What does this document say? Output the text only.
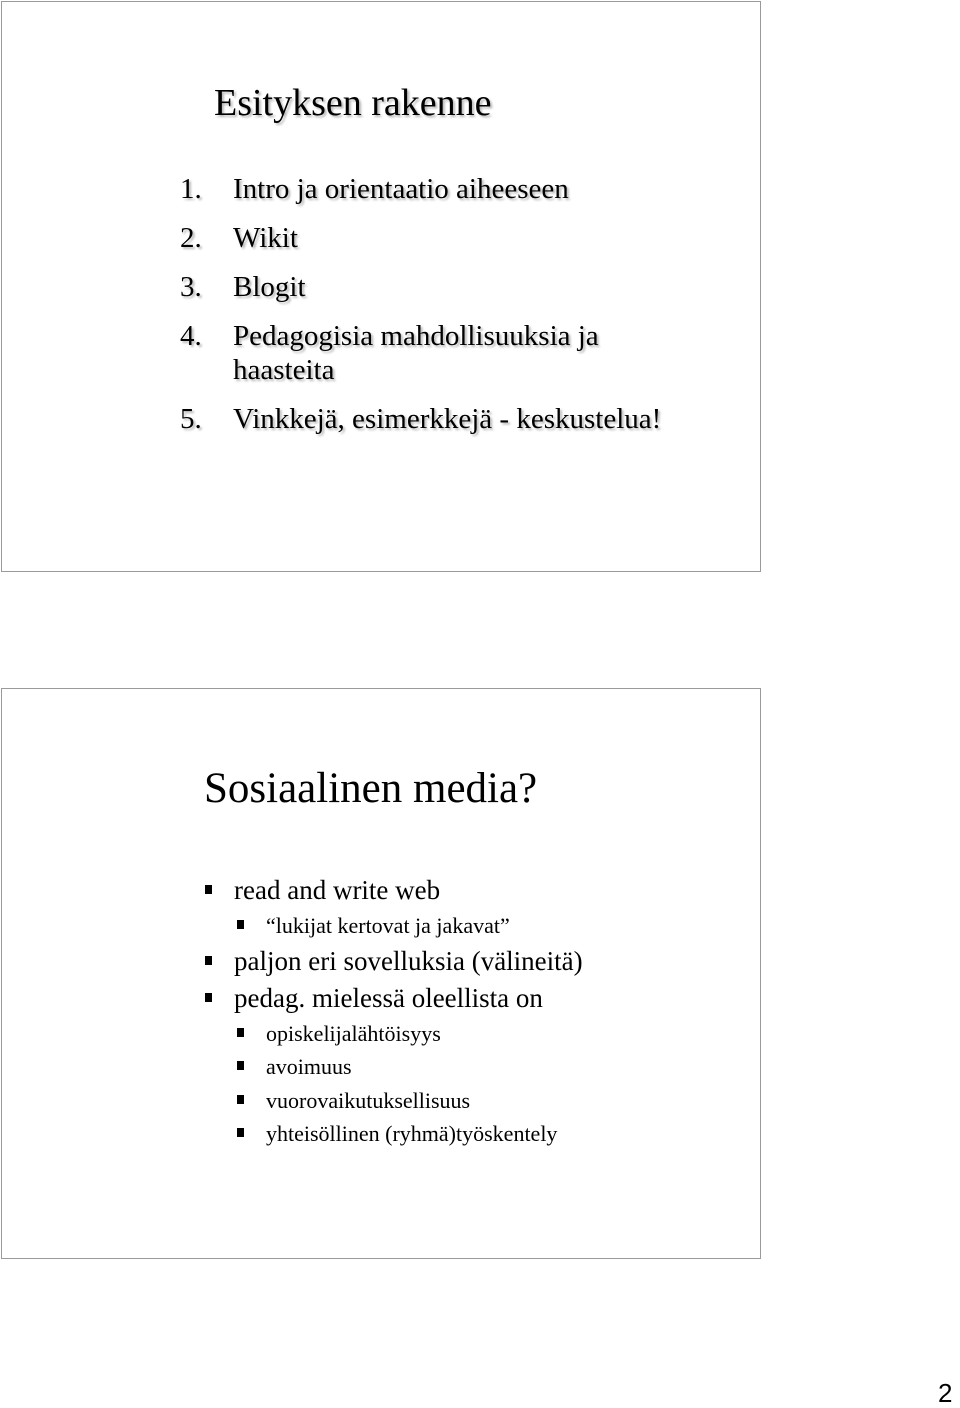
Esityksen rakenne
1. Intro ja orientaatio aiheeseen
2. Wikit
3. Blogit
4. Pedagogisia mahdollisuuksia ja haasteita
5. Vinkkejä, esimerkkejä - keskustelua!
Sosiaalinen media?
read and write web
“lukijat kertovat ja jakavat”
paljon eri sovelluksia (välineitä)
pedag. mielessä oleellista on
opiskelijalähtöisyys
avoimuus
vuorovaikutuksellisuus
yhteisöllinen (ryhmä)työskentely
2
